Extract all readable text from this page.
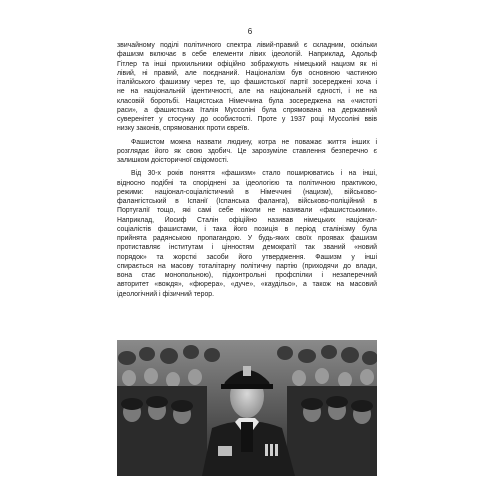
6
звичайному поділі політичного спектра лівий-правий є складним, оскільки
фашизм включає в себе елементи лівих ідеологій. Наприклад, Адольф
Гітлер та інші прихильники офіційно зображують німецький нацизм як ні
лівий, ні правий, але поєднаний. Націоналізм був основною частиною
італійського фашизму через те, що фашистської партії зосереджені хоча і
не на національній ідентичності, але на національній єдності, і не на
класовій боротьбі. Нацистська Німеччина була зосереджена на «чистоті
раси», а фашистська Італія Муссоліні була спрямована на державний
суверенітет у стосунку до особистості. Проте у 1937 році Муссоліні ввів
низку законів, спрямованих проти євреїв.
Фашистом можна назвати людину, котра не поважає життя інших і
розглядає його як свою здобич. Це зарозуміле ставлення безперечно є
залишком доісторичної свідомості.
Від 30-х років поняття «фашизм» стало поширюватись і на інші,
відносно подібні та споріднені за ідеологією та політичною практикою,
режими: націонал-соціалістичний в Німеччині (нацизм), військово-
фалангістський в Іспанії (Іспанська фаланга), військово-поліційний в
Португалії тощо, які самі себе ніколи не називали «фашистськими».
Наприклад, Йосиф Сталін офіційно називав німецьких націонал-
соціалістів фашистами, і така його позиція в період сталінізму була
прийнята радянською пропагандою. У будь-яких своїх проявах фашизм
протиставляє інститутам і цінностям демократії так званий «новий
порядок» та жорсткі засоби його утвердження. Фашизм у інші
спирається на масову тоталітарну політичну партію (приходячи до влади,
вона стає монопольною), підконтрольні профспілки і незаперечний
авторитет «вождя», «фюрера», «дуче», «каудільо», а також на масовий
ідеологічний і фізичний терор.
